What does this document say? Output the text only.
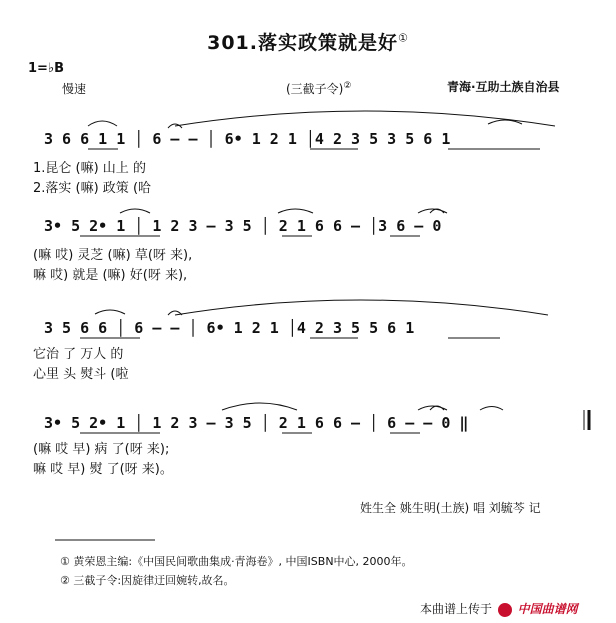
301.落实政策就是好①
1=♭B
慢速	(三截子令)②	青海·互助土族自治县
3 6 6 1 1 │ 6 – – │ 6• 1 2 1 │4 2 3 5 3 5 6 1
1.昆仑 (嘛) 山上 的
2.落实 (嘛) 政策 (哈
3• 5 2• 1 │ 1 2 3 – 3 5 │ 2 1 6 6 – │3 6 – 0
(嘛 哎) 灵芝 (嘛) 草(呀 来),
嘛 哎) 就是 (嘛) 好(呀 来),
3 5 6 6 │ 6 – – │ 6• 1 2 1 │4 2 3 5 5 6 1
它治 了 万人 的
心里 头 熨斗 (啦
3• 5 2• 1 │ 1 2 3 – 3 5 │ 2 1 6 6 – │ 6 – – 0 ‖
(嘛 哎 早) 病 了(呀 来);
嘛 哎 早) 熨 了(呀 来)。
姓生全 姚生明(土族) 唱 刘毓芩 记
① 黄荣恩主编:《中国民间歌曲集成·青海卷》, 中国ISBN中心, 2000年。
② 三截子令:因旋律迂回婉转,故名。
本曲谱上传于 中国曲谱网
